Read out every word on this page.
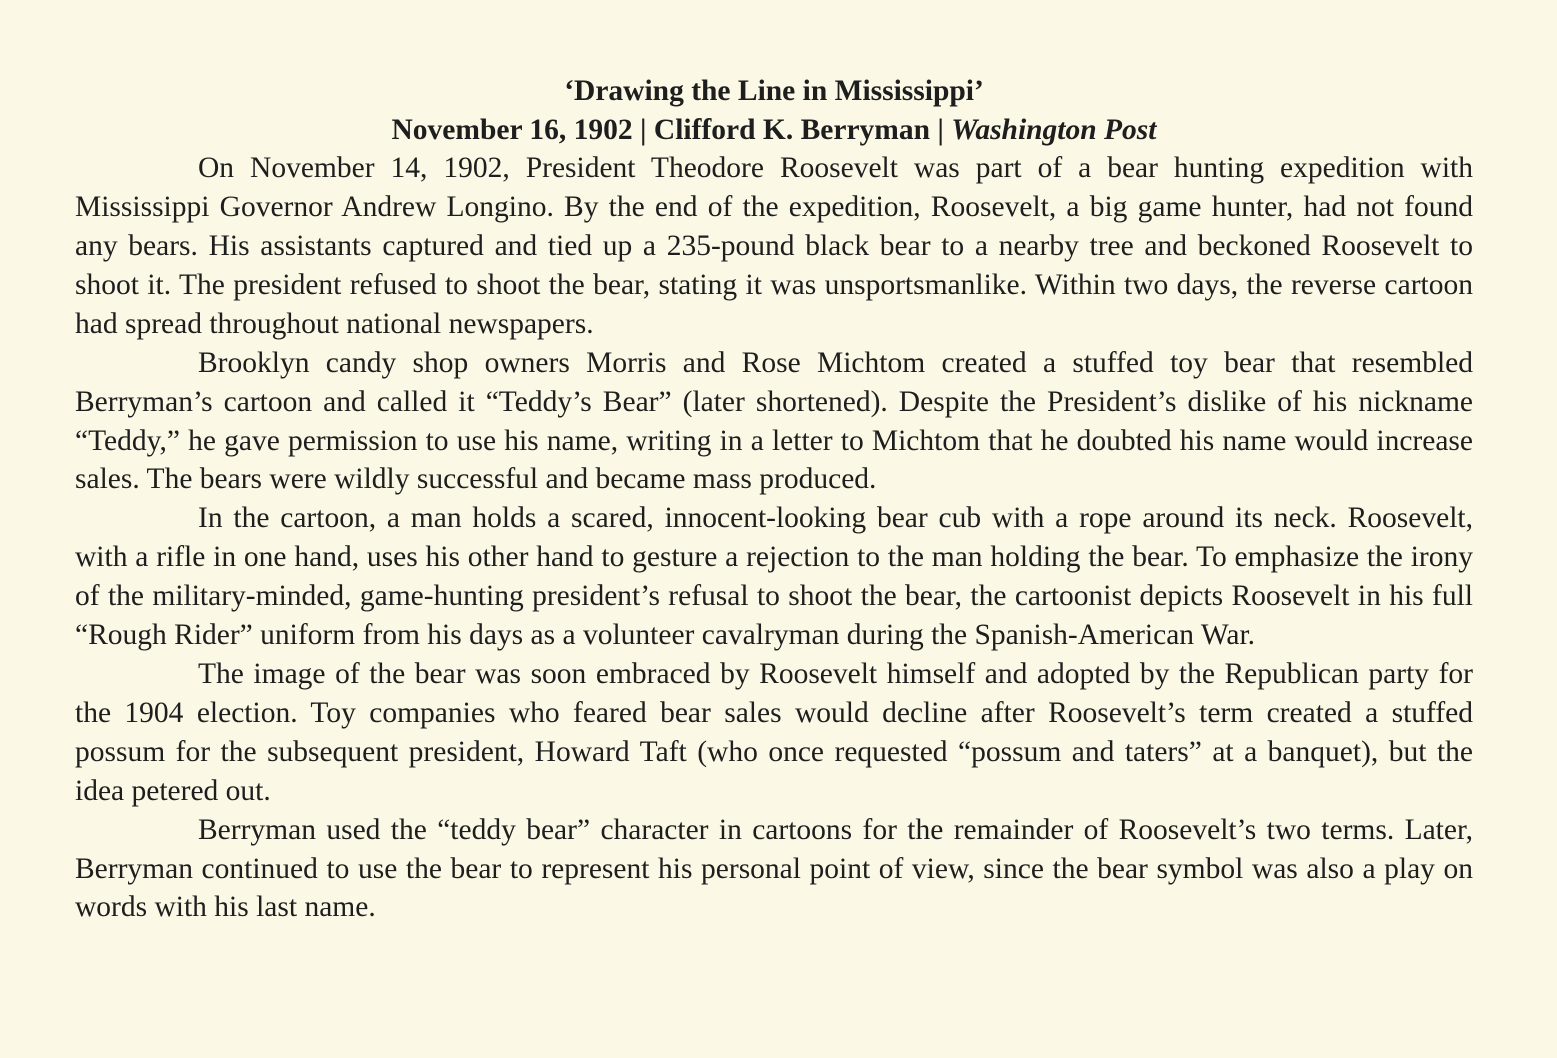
‘Drawing the Line in Mississippi’
November 16, 1902 | Clifford K. Berryman | Washington Post

On November 14, 1902, President Theodore Roosevelt was part of a bear hunting expedition with Mississippi Governor Andrew Longino. By the end of the expedition, Roosevelt, a big game hunter, had not found any bears. His assistants captured and tied up a 235-pound black bear to a nearby tree and beckoned Roosevelt to shoot it. The president refused to shoot the bear, stating it was unsportsmanlike. Within two days, the reverse cartoon had spread throughout national newspapers.

Brooklyn candy shop owners Morris and Rose Michtom created a stuffed toy bear that resembled Berryman’s cartoon and called it “Teddy’s Bear” (later shortened). Despite the President’s dislike of his nickname “Teddy,” he gave permission to use his name, writing in a letter to Michtom that he doubted his name would increase sales. The bears were wildly successful and became mass produced.

In the cartoon, a man holds a scared, innocent-looking bear cub with a rope around its neck. Roosevelt, with a rifle in one hand, uses his other hand to gesture a rejection to the man holding the bear. To emphasize the irony of the military-minded, game-hunting president’s refusal to shoot the bear, the cartoonist depicts Roosevelt in his full “Rough Rider” uniform from his days as a volunteer cavalryman during the Spanish-American War.

The image of the bear was soon embraced by Roosevelt himself and adopted by the Republican party for the 1904 election. Toy companies who feared bear sales would decline after Roosevelt’s term created a stuffed possum for the subsequent president, Howard Taft (who once requested “possum and taters” at a banquet), but the idea petered out.

Berryman used the “teddy bear” character in cartoons for the remainder of Roosevelt’s two terms. Later, Berryman continued to use the bear to represent his personal point of view, since the bear symbol was also a play on words with his last name.
